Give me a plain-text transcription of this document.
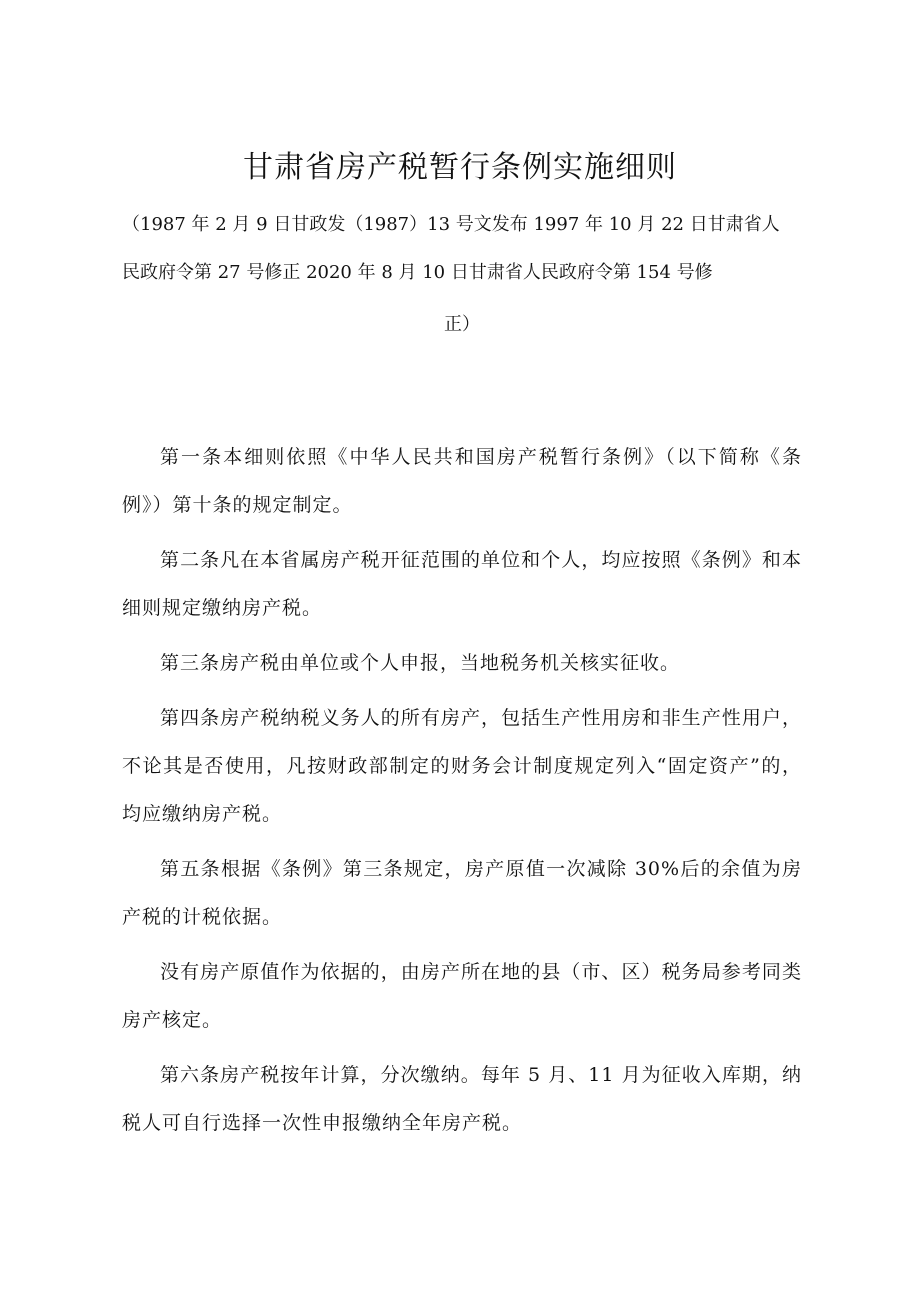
甘肃省房产税暂行条例实施细则
（1987 年 2 月 9 日甘政发（1987）13 号文发布 1997 年 10 月 22 日甘肃省人
民政府令第 27 号修正 2020 年 8 月 10 日甘肃省人民政府令第 154 号修
正）

第一条本细则依照《中华人民共和国房产税暂行条例》（以下简称《条例》）第十条的规定制定。

第二条凡在本省属房产税开征范围的单位和个人，均应按照《条例》和本细则规定缴纳房产税。

第三条房产税由单位或个人申报，当地税务机关核实征收。

第四条房产税纳税义务人的所有房产，包括生产性用房和非生产性用户，不论其是否使用，凡按财政部制定的财务会计制度规定列入“固定资产”的，均应缴纳房产税。

第五条根据《条例》第三条规定，房产原值一次减除 30%后的余值为房产税的计税依据。

没有房产原值作为依据的，由房产所在地的县（市、区）税务局参考同类房产核定。

第六条房产税按年计算，分次缴纳。每年 5 月、11 月为征收入库期，纳税人可自行选择一次性申报缴纳全年房产税。
